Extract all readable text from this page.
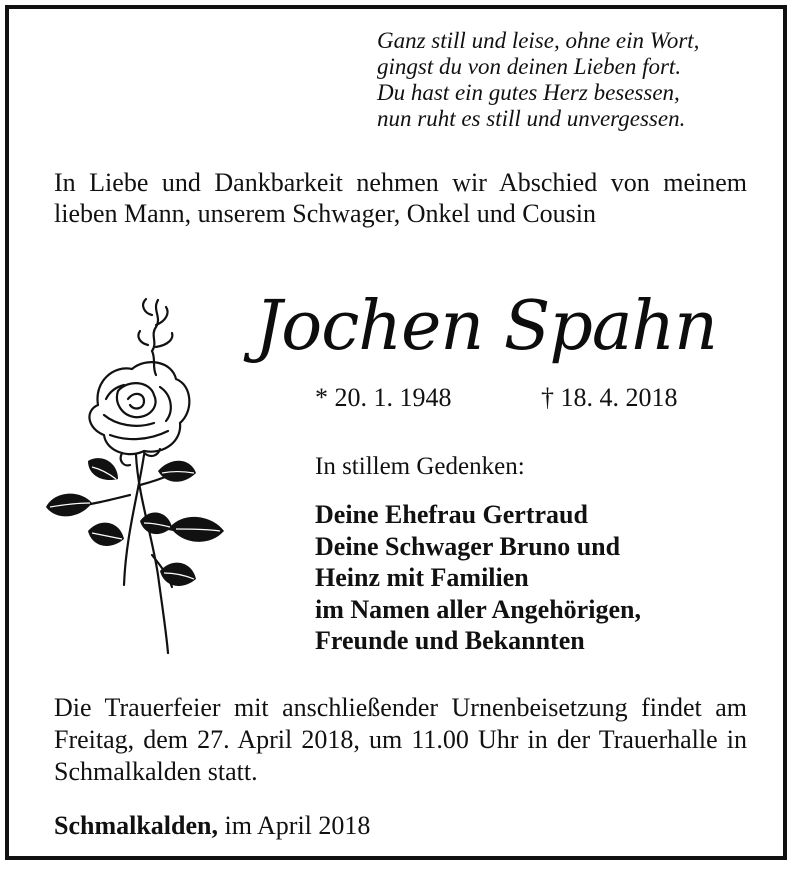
Ganz still und leise, ohne ein Wort,
gingst du von deinen Lieben fort.
Du hast ein gutes Herz besessen,
nun ruht es still und unvergessen.
In Liebe und Dankbarkeit nehmen wir Abschied von meinem lieben Mann, unserem Schwager, Onkel und Cousin
Jochen Spahn
* 20. 1. 1948	† 18. 4. 2018
In stillem Gedenken:
Deine Ehefrau Gertraud
Deine Schwager Bruno und
Heinz mit Familien
im Namen aller Angehörigen,
Freunde und Bekannten
Die Trauerfeier mit anschließender Urnenbeisetzung findet am Freitag, dem 27. April 2018, um 11.00 Uhr in der Trauerhalle in Schmalkalden statt.
Schmalkalden, im April 2018
